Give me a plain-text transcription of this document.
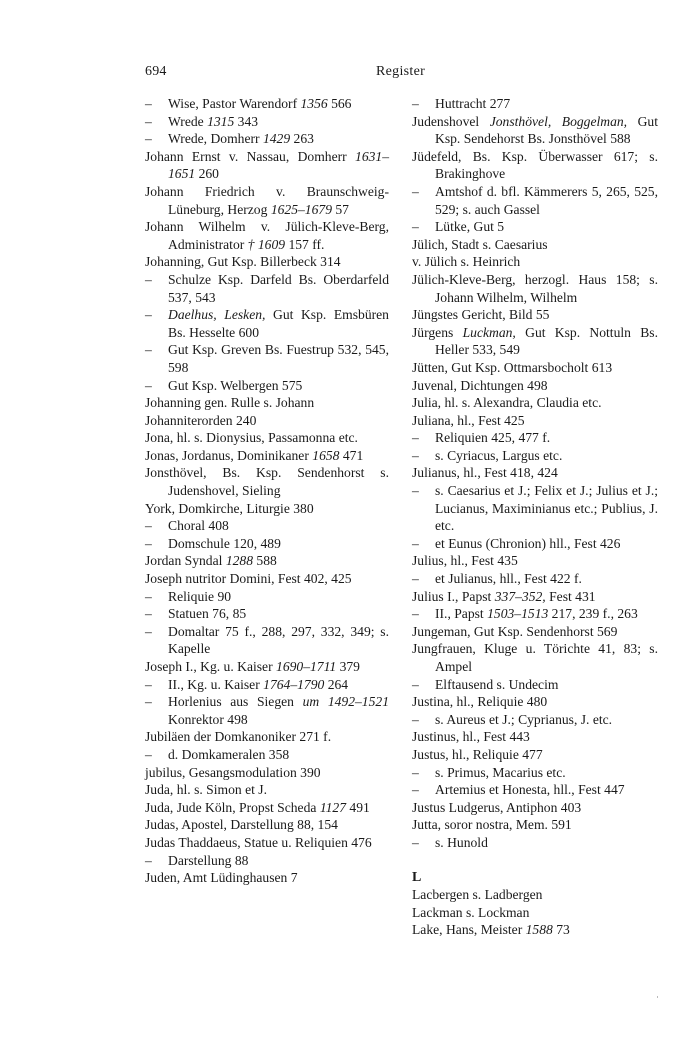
694	Register

– Wise, Pastor Warendorf 1356 566

– Wrede 1315 343

– Wrede, Domherr 1429 263

Johann Ernst v. Nassau, Domherr 1631–1651 260

Johann Friedrich v. Braunschweig-Lüneburg, Herzog 1625–1679 57

Johann Wilhelm v. Jülich-Kleve-Berg, Administrator † 1609 157 ff.

Johanning, Gut Ksp. Billerbeck 314

– Schulze Ksp. Darfeld Bs. Oberdarfeld 537, 543

– Daelhus, Lesken, Gut Ksp. Emsbüren Bs. Hesselte 600

– Gut Ksp. Greven Bs. Fuestrup 532, 545, 598

– Gut Ksp. Welbergen 575

Johanning gen. Rulle s. Johann

Johanniterorden 240

Jona, hl. s. Dionysius, Passamonna etc.

Jonas, Jordanus, Dominikaner 1658 471

Jonsthövel, Bs. Ksp. Sendenhorst s. Judenshovel, Sieling

York, Domkirche, Liturgie 380

– Choral 408

– Domschule 120, 489

Jordan Syndal 1288 588

Joseph nutritor Domini, Fest 402, 425

– Reliquie 90

– Statuen 76, 85

– Domaltar 75 f., 288, 297, 332, 349; s. Kapelle

Joseph I., Kg. u. Kaiser 1690–1711 379

– II., Kg. u. Kaiser 1764–1790 264

– Horlenius aus Siegen um 1492–1521 Konrektor 498

Jubiläen der Domkanoniker 271 f.

– d. Domkameralen 358

jubilus, Gesangsmodulation 390

Juda, hl. s. Simon et J.

Juda, Jude Köln, Propst Scheda 1127 491

Judas, Apostel, Darstellung 88, 154

Judas Thaddaeus, Statue u. Reliquien 476

– Darstellung 88

Juden, Amt Lüdinghausen 7

– Huttracht 277

Judenshovel Jonsthövel, Boggelman, Gut Ksp. Sendehorst Bs. Jonsthövel 588

Jüdefeld, Bs. Ksp. Überwasser 617; s. Brakinghove

– Amtshof d. bfl. Kämmerers 5, 265, 525, 529; s. auch Gassel

– Lütke, Gut 5

Jülich, Stadt s. Caesarius

v. Jülich s. Heinrich

Jülich-Kleve-Berg, herzogl. Haus 158; s. Johann Wilhelm, Wilhelm

Jüngstes Gericht, Bild 55

Jürgens Luckman, Gut Ksp. Nottuln Bs. Heller 533, 549

Jütten, Gut Ksp. Ottmarsbocholt 613

Juvenal, Dichtungen 498

Julia, hl. s. Alexandra, Claudia etc.

Juliana, hl., Fest 425

– Reliquien 425, 477 f.

– s. Cyriacus, Largus etc.

Julianus, hl., Fest 418, 424

– s. Caesarius et J.; Felix et J.; Julius et J.; Lucianus, Maximinianus etc.; Publius, J. etc.

– et Eunus (Chronion) hll., Fest 426

Julius, hl., Fest 435

– et Julianus, hll., Fest 422 f.

Julius I., Papst 337–352, Fest 431

– II., Papst 1503–1513 217, 239 f., 263

Jungeman, Gut Ksp. Sendenhorst 569

Jungfrauen, Kluge u. Törichte 41, 83; s. Ampel

– Elftausend s. Undecim

Justina, hl., Reliquie 480

– s. Aureus et J.; Cyprianus, J. etc.

Justinus, hl., Fest 443

Justus, hl., Reliquie 477

– s. Primus, Macarius etc.

– Artemius et Honesta, hll., Fest 447

Justus Ludgerus, Antiphon 403

Jutta, soror nostra, Mem. 591

– s. Hunold

L

Lacbergen s. Ladbergen

Lackman s. Lockman

Lake, Hans, Meister 1588 73
